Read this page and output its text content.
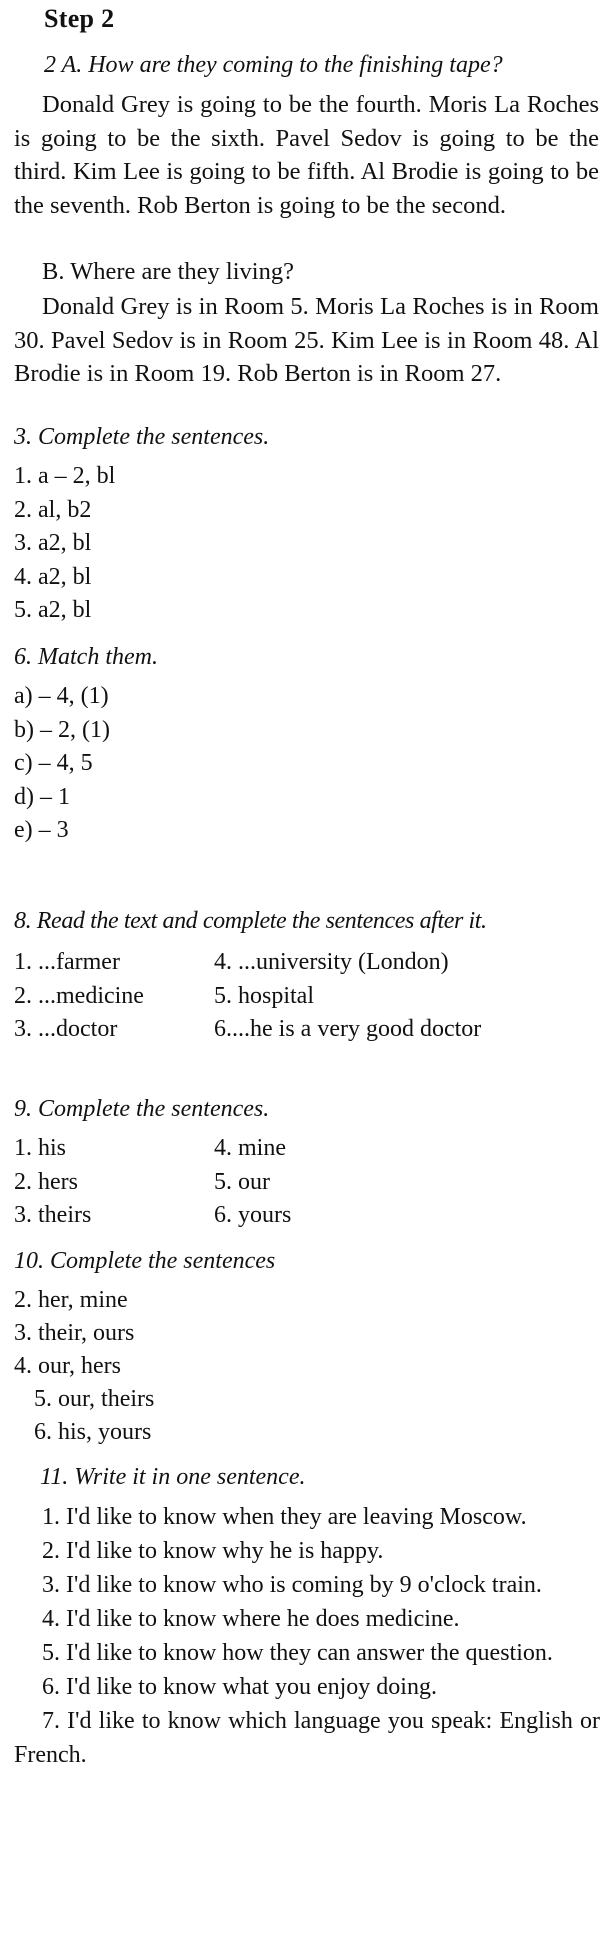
Step 2
2 A. How are they coming to the finishing tape?
Donald Grey is going to be the fourth. Moris La Roches is going to be the sixth. Pavel Sedov is going to be the third. Kim Lee is going to be fifth. Al Brodie is going to be the seventh. Rob Berton is going to be the second.
B. Where are they living?
Donald Grey is in Room 5. Moris La Roches is in Room 30. Pavel Sedov is in Room 25. Kim Lee is in Room 48. Al Brodie is in Room 19. Rob Berton is in Room 27.
3. Complete the sentences.
1. a – 2, bl
2. al, b2
3. a2, bl
4. a2, bl
5. a2, bl
6. Match them.
a) – 4, (1)
b) – 2, (1)
c) – 4, 5
d) – 1
e) – 3
8. Read the text and complete the sentences after it.
1. ...farmer	4. ...university (London)
2. ...medicine	5. hospital
3. ...doctor	6....he is a very good doctor
9. Complete the sentences.
1. his	4. mine
2. hers	5. our
3. theirs	6. yours
10. Complete the sentences
2. her, mine
3. their, ours
4. our, hers
5. our, theirs
6. his, yours
11. Write it in one sentence.

1. I'd like to know when they are leaving Moscow.

2. I'd like to know why he is happy.

3. I'd like to know who is coming by 9 o'clock train.

4. I'd like to know where he does medicine.

5. I'd like to know how they can answer the question.

6. I'd like to know what you enjoy doing.

7. I'd like to know which language you speak: English or French.
